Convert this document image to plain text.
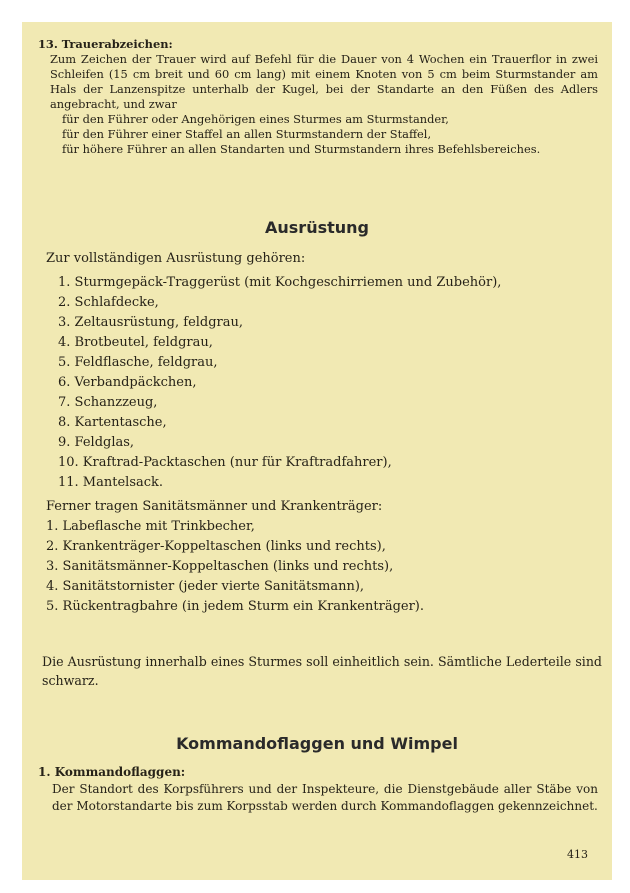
13. Trauerabzeichen:
Zum Zeichen der Trauer wird auf Befehl für die Dauer von 4 Wochen ein Trauerflor in zwei Schleifen (15 cm breit und 60 cm lang) mit einem Knoten von 5 cm beim Sturmstander am Hals der Lanzenspitze unterhalb der Kugel, bei der Standarte an den Füßen des Adlers angebracht, und zwar
für den Führer oder Angehörigen eines Sturmes am Sturmstander,
für den Führer einer Staffel an allen Sturmstandern der Staffel,
für höhere Führer an allen Standarten und Sturmstandern ihres Befehlsbereiches.
Ausrüstung
Zur vollständigen Ausrüstung gehören:
1. Sturmgepäck-Traggerüst (mit Kochgeschirriemen und Zubehör),
2. Schlafdecke,
3. Zeltausrüstung, feldgrau,
4. Brotbeutel, feldgrau,
5. Feldflasche, feldgrau,
6. Verbandpäckchen,
7. Schanzzeug,
8. Kartentasche,
9. Feldglas,
10. Kraftrad-Packtaschen (nur für Kraftradfahrer),
11. Mantelsack.
Ferner tragen Sanitätsmänner und Krankenträger:
1. Labeflasche mit Trinkbecher,
2. Krankenträger-Koppeltaschen (links und rechts),
3. Sanitätsmänner-Koppeltaschen (links und rechts),
4. Sanitätstornister (jeder vierte Sanitätsmann),
5. Rückentragbahre (in jedem Sturm ein Krankenträger).
Die Ausrüstung innerhalb eines Sturmes soll einheitlich sein. Sämtliche Lederteile sind schwarz.
Kommandoflaggen und Wimpel
1. Kommandoflaggen:
Der Standort des Korpsführers und der Inspekteure, die Dienstgebäude aller Stäbe von der Motorstandarte bis zum Korpsstab werden durch Kommandoflaggen gekennzeichnet.
413
